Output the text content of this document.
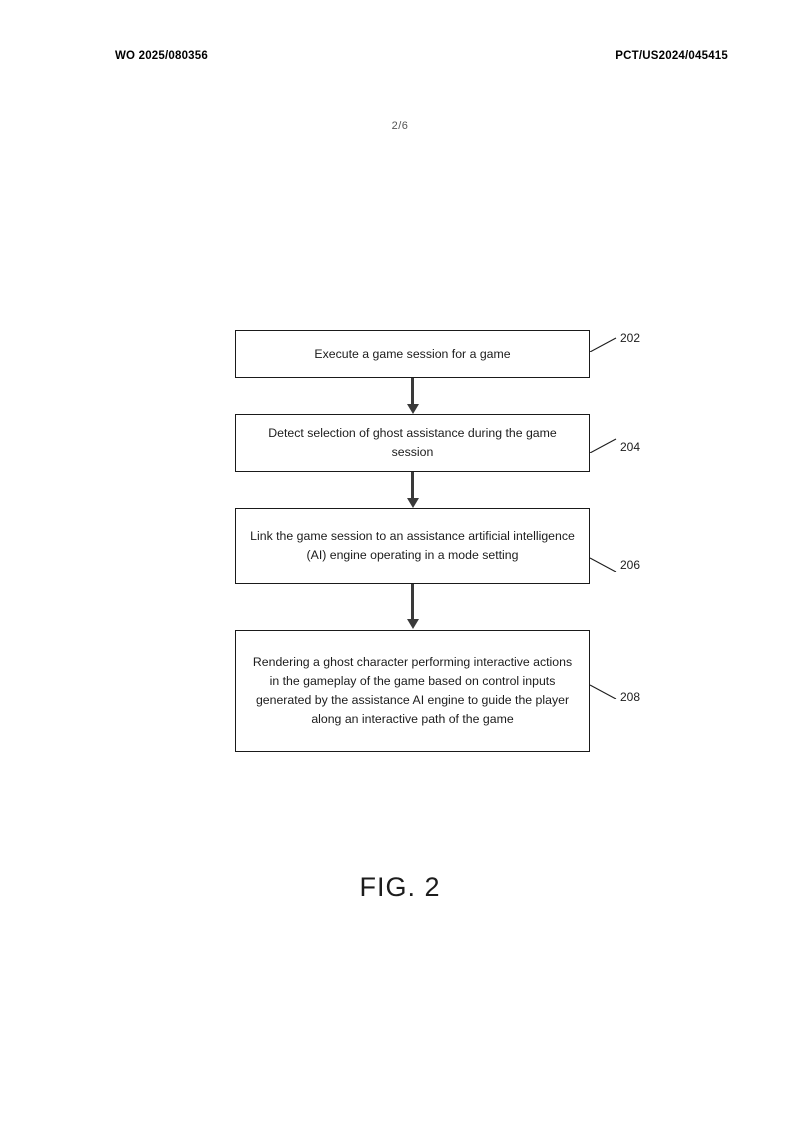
WO 2025/080356	PCT/US2024/045415
2/6
Execute a game session for a game
Detect selection of ghost assistance during the game session
Link the game session to an assistance artificial intelligence (AI) engine operating in a mode setting
Rendering a ghost character performing interactive actions in the gameplay of the game based on control inputs generated by the assistance AI engine to guide the player along an interactive path of the game
202
204
206
208
FIG. 2
